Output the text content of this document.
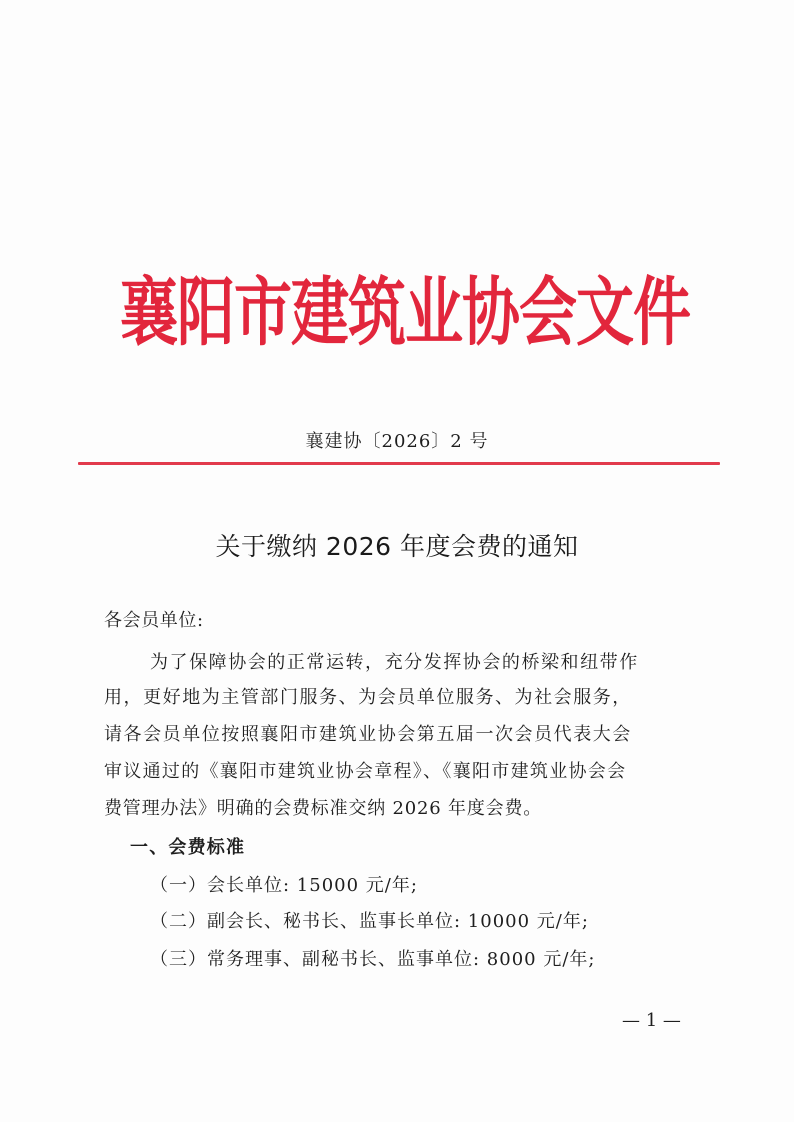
襄阳市建筑业协会文件
襄建协〔2026〕2 号
关于缴纳 2026 年度会费的通知
各会员单位:
为了保障协会的正常运转，充分发挥协会的桥梁和纽带作
用，更好地为主管部门服务、为会员单位服务、为社会服务，
请各会员单位按照襄阳市建筑业协会第五届一次会员代表大会
审议通过的《襄阳市建筑业协会章程》、《襄阳市建筑业协会会
费管理办法》明确的会费标准交纳 2026 年度会费。
一、会费标准
（一）会长单位: 15000 元/年;
（二）副会长、秘书长、监事长单位: 10000 元/年;
（三）常务理事、副秘书长、监事单位: 8000 元/年;
— 1 —
